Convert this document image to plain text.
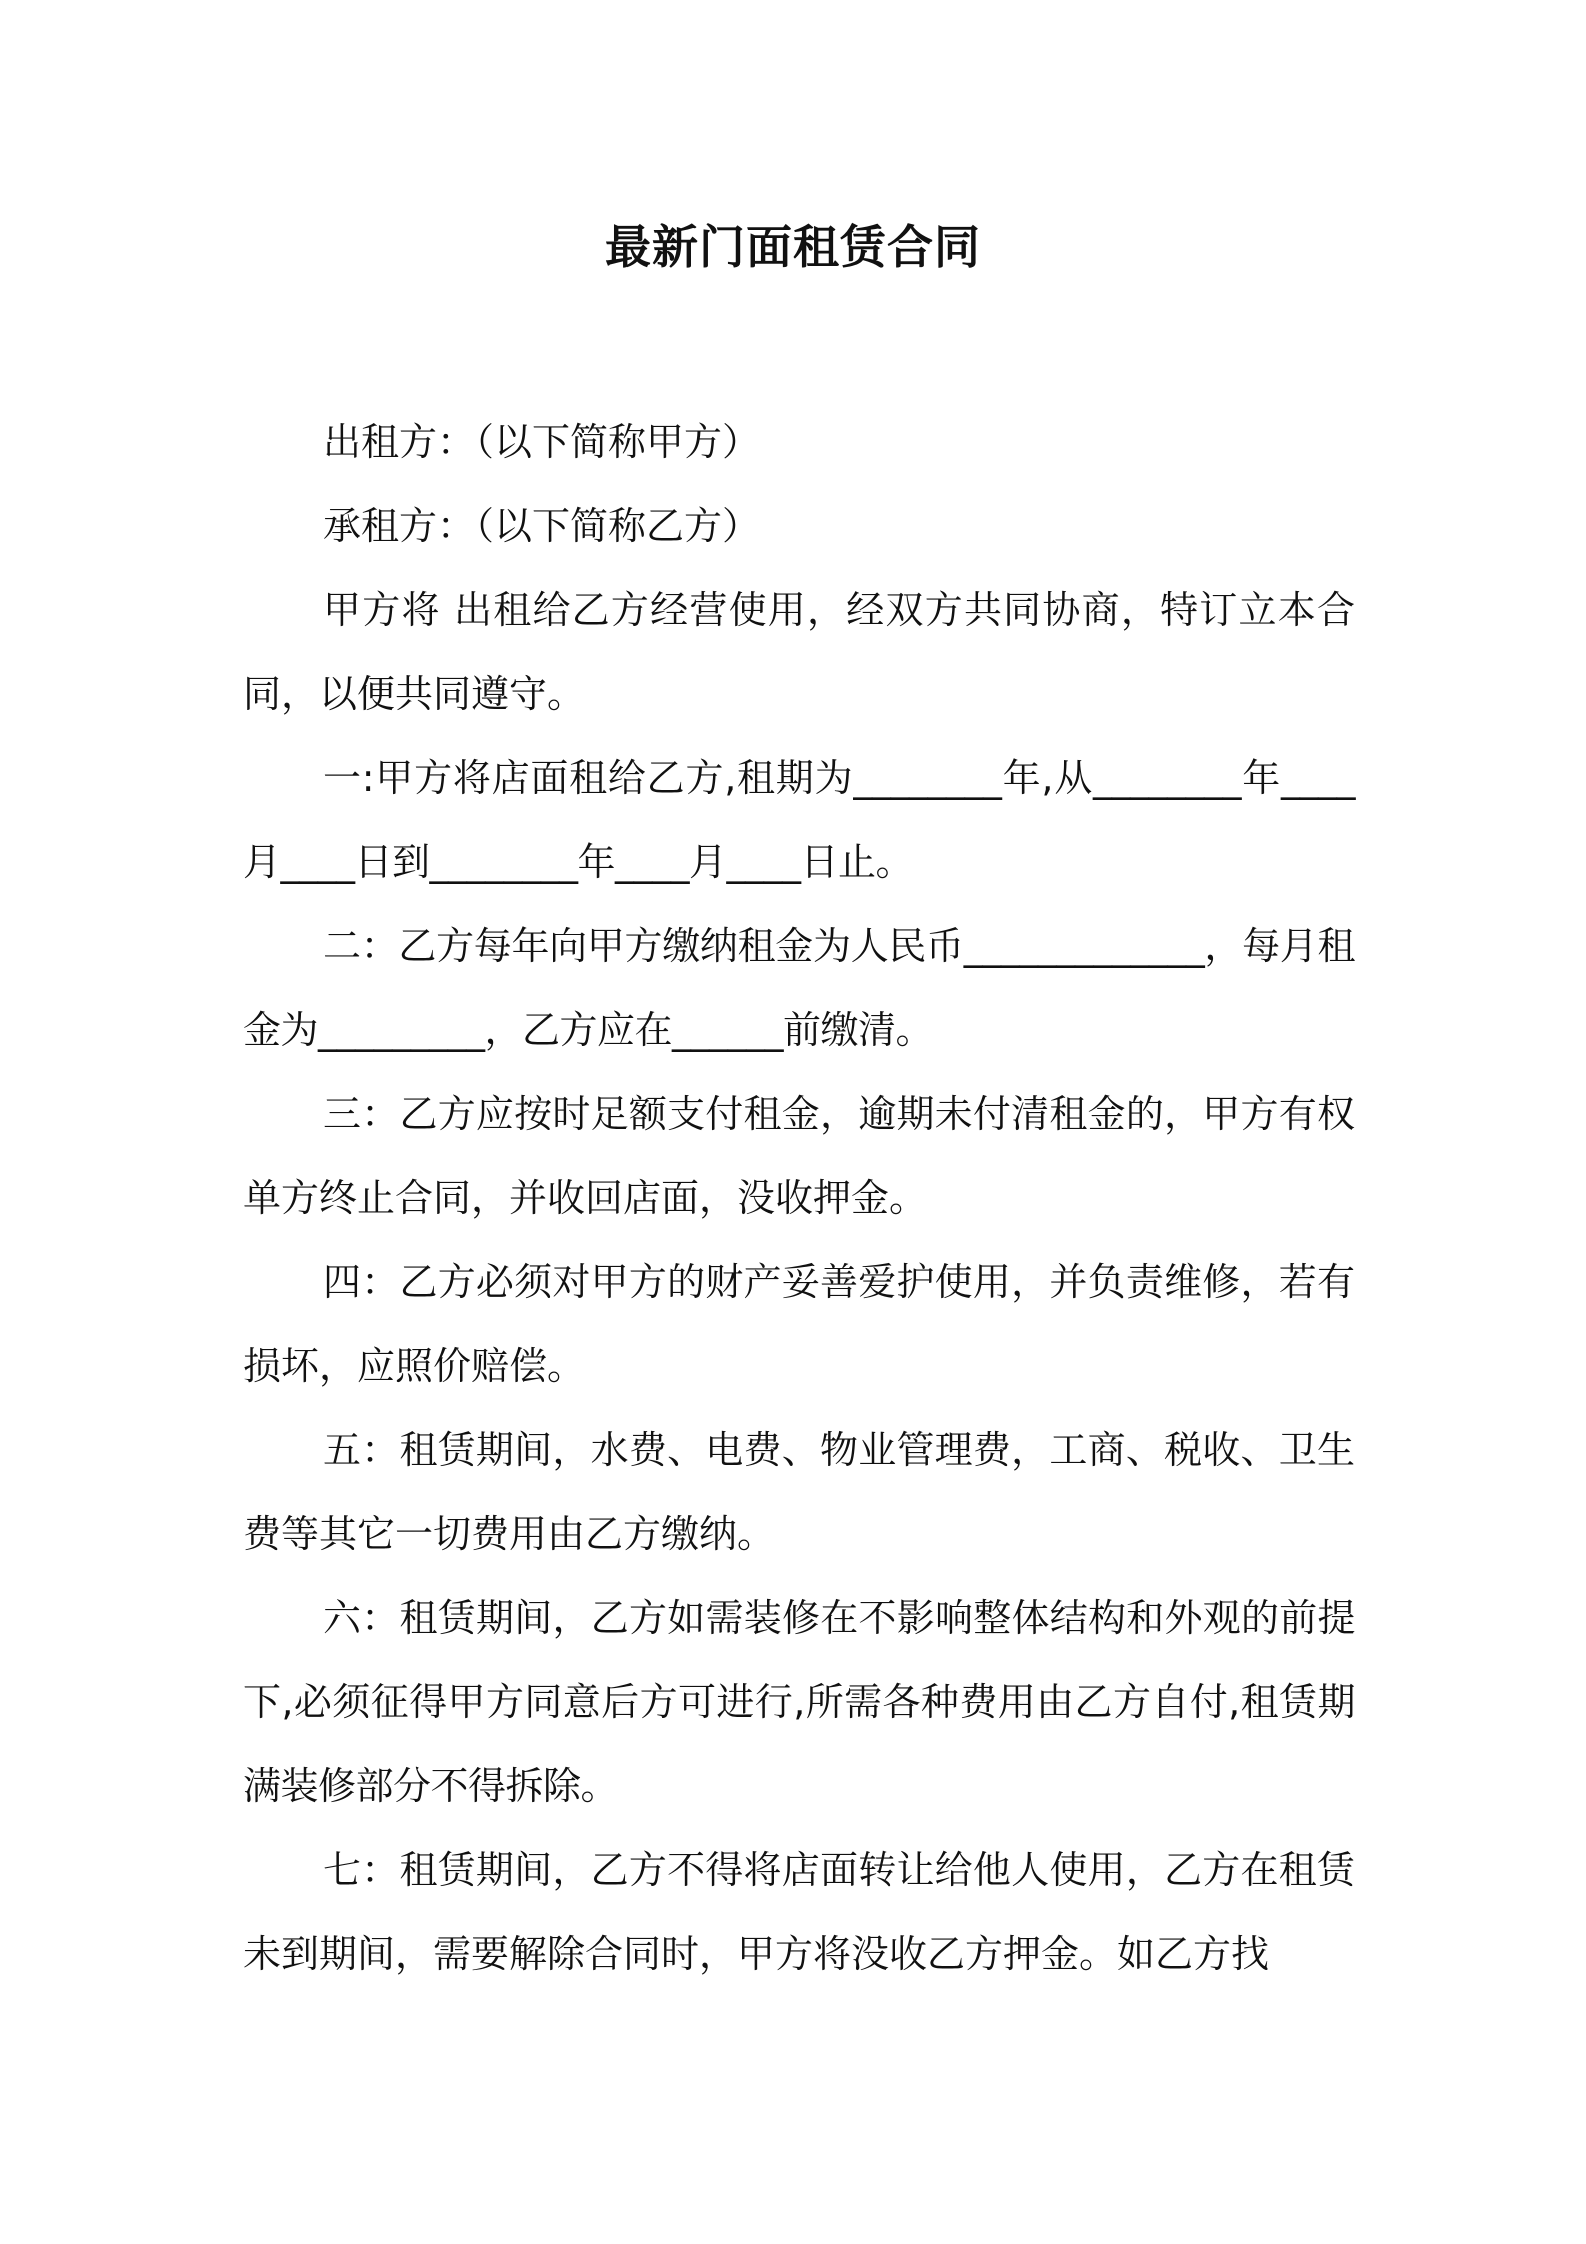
最新门面租赁合同

出租方：（以下简称甲方）

承租方：（以下简称乙方）

甲方将 出租给乙方经营使用，经双方共同协商，特订立本合同，以便共同遵守。

一:甲方将店面租给乙方,租期为________年,从________年____月____日到________年____月____日止。

二：乙方每年向甲方缴纳租金为人民币_____________，每月租金为_________，乙方应在______前缴清。

三：乙方应按时足额支付租金，逾期未付清租金的，甲方有权单方终止合同，并收回店面，没收押金。

四：乙方必须对甲方的财产妥善爱护使用，并负责维修，若有损坏，应照价赔偿。

五：租赁期间，水费、电费、物业管理费，工商、税收、卫生费等其它一切费用由乙方缴纳。

六：租赁期间，乙方如需装修在不影响整体结构和外观的前提下,必须征得甲方同意后方可进行,所需各种费用由乙方自付,租赁期满装修部分不得拆除。

七：租赁期间，乙方不得将店面转让给他人使用，乙方在租赁未到期间，需要解除合同时，甲方将没收乙方押金。如乙方找
